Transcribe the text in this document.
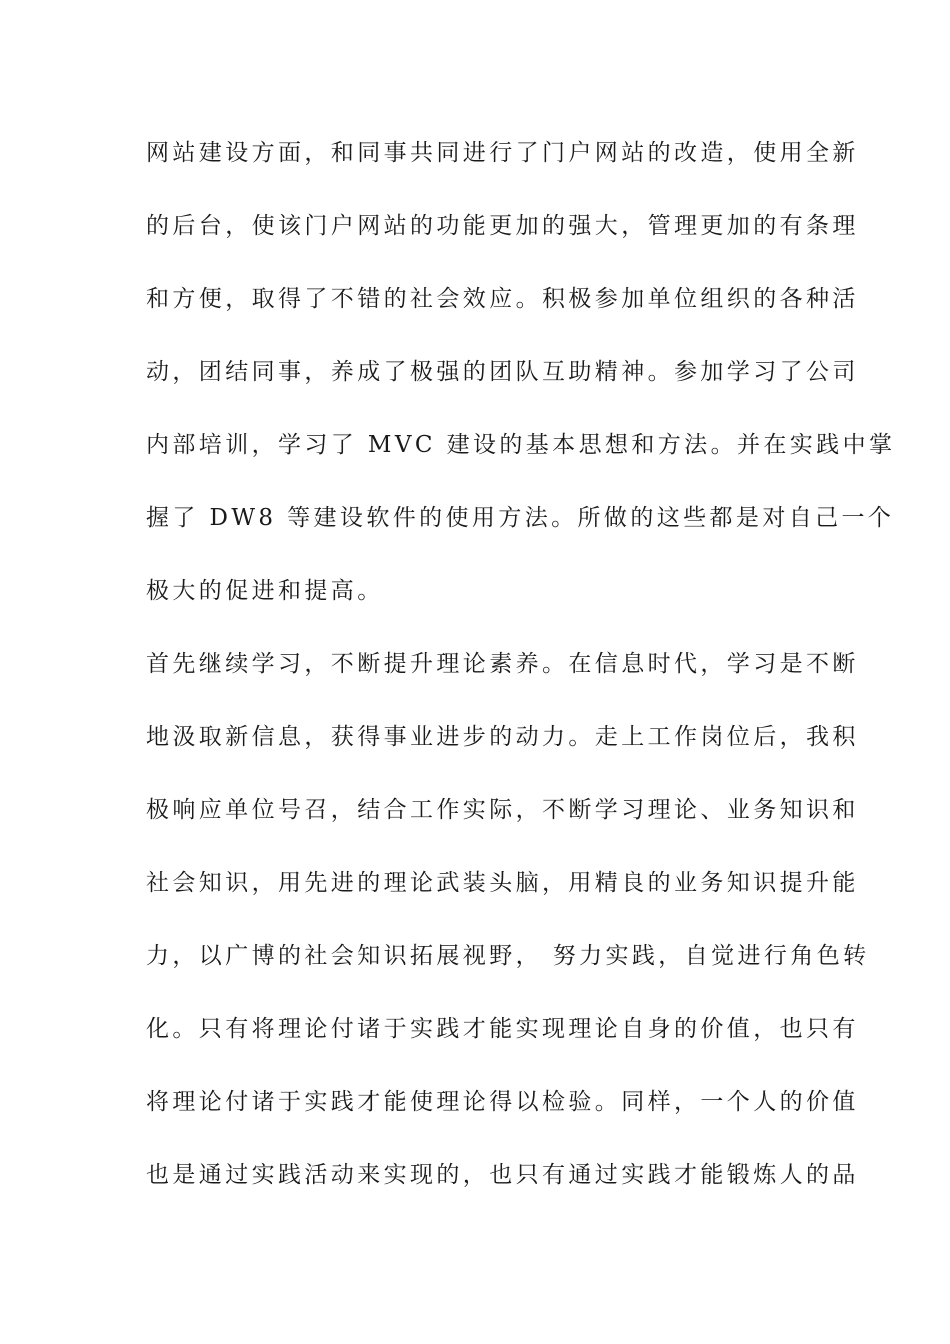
网站建设方面，和同事共同进行了门户网站的改造，使用全新
的后台，使该门户网站的功能更加的强大，管理更加的有条理
和方便，取得了不错的社会效应。积极参加单位组织的各种活
动，团结同事，养成了极强的团队互助精神。参加学习了公司
内部培训，学习了 MVC 建设的基本思想和方法。并在实践中掌
握了 DW8 等建设软件的使用方法。所做的这些都是对自己一个
极大的促进和提高。
首先继续学习，不断提升理论素养。在信息时代，学习是不断
地汲取新信息，获得事业进步的动力。走上工作岗位后，我积
极响应单位号召，结合工作实际，不断学习理论、业务知识和
社会知识，用先进的理论武装头脑，用精良的业务知识提升能
力，以广博的社会知识拓展视野， 努力实践，自觉进行角色转
化。只有将理论付诸于实践才能实现理论自身的价值，也只有
将理论付诸于实践才能使理论得以检验。同样，一个人的价值
也是通过实践活动来实现的，也只有通过实践才能锻炼人的品
